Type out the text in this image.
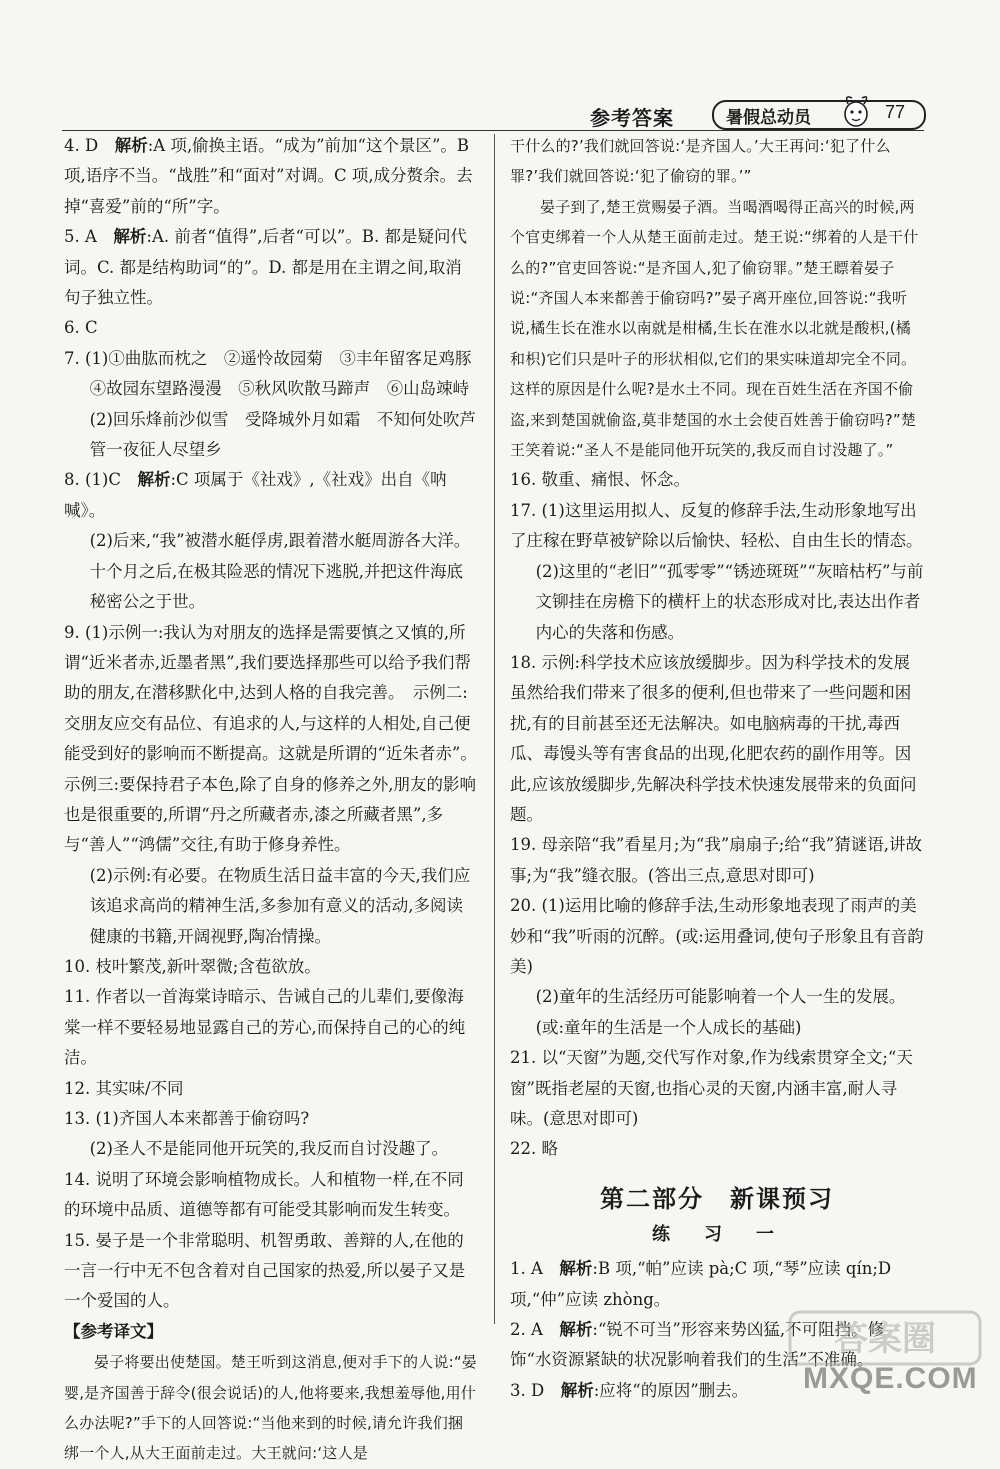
参考答案	暑假总动员	77

4. D　解析:A 项,偷换主语。“成为”前加“这个景区”。B 项,语序不当。“战胜”和“面对”对调。C 项,成分赘余。去掉“喜爱”前的“所”字。

5. A　解析:A. 前者“值得”,后者“可以”。B. 都是疑问代词。C. 都是结构助词“的”。D. 都是用在主谓之间,取消句子独立性。

6. C

7. (1)①曲肱而枕之　②遥怜故园菊　③丰年留客足鸡豚

④故园东望路漫漫　⑤秋风吹散马蹄声　⑥山岛竦峙

(2)回乐烽前沙似雪　受降城外月如霜　不知何处吹芦管一夜征人尽望乡

8. (1)C　解析:C 项属于《社戏》,《社戏》出自《呐喊》。

(2)后来,“我”被潜水艇俘虏,跟着潜水艇周游各大洋。十个月之后,在极其险恶的情况下逃脱,并把这件海底秘密公之于世。

9. (1)示例一:我认为对朋友的选择是需要慎之又慎的,所谓“近米者赤,近墨者黑”,我们要选择那些可以给予我们帮助的朋友,在潜移默化中,达到人格的自我完善。　示例二:交朋友应交有品位、有追求的人,与这样的人相处,自己便能受到好的影响而不断提高。这就是所谓的“近朱者赤”。　示例三:要保持君子本色,除了自身的修养之外,朋友的影响也是很重要的,所谓“丹之所藏者赤,漆之所藏者黑”,多与“善人”“鸿儒”交往,有助于修身养性。

(2)示例:有必要。在物质生活日益丰富的今天,我们应该追求高尚的精神生活,多参加有意义的活动,多阅读健康的书籍,开阔视野,陶冶情操。

10. 枝叶繁茂,新叶翠微;含苞欲放。

11. 作者以一首海棠诗暗示、告诫自己的儿辈们,要像海棠一样不要轻易地显露自己的芳心,而保持自己的心的纯洁。

12. 其实味/不同

13. (1)齐国人本来都善于偷窃吗?

(2)圣人不是能同他开玩笑的,我反而自讨没趣了。

14. 说明了环境会影响植物成长。人和植物一样,在不同的环境中品质、道德等都有可能受其影响而发生转变。

15. 晏子是一个非常聪明、机智勇敢、善辩的人,在他的一言一行中无不包含着对自己国家的热爱,所以晏子又是一个爱国的人。

【参考译文】

晏子将要出使楚国。楚王听到这消息,便对手下的人说:“晏婴,是齐国善于辞令(很会说话)的人,他将要来,我想羞辱他,用什么办法呢?”手下的人回答说:“当他来到的时候,请允许我们捆绑一个人,从大王面前走过。大王就问:‘这人是

干什么的?’我们就回答说:‘是齐国人。’大王再问:‘犯了什么罪?’我们就回答说:‘犯了偷窃的罪。’”

晏子到了,楚王赏赐晏子酒。当喝酒喝得正高兴的时候,两个官吏绑着一个人从楚王面前走过。楚王说:“绑着的人是干什么的?”官吏回答说:“是齐国人,犯了偷窃罪。”楚王瞟着晏子说:“齐国人本来都善于偷窃吗?”晏子离开座位,回答说:“我听说,橘生长在淮水以南就是柑橘,生长在淮水以北就是酸枳,(橘和枳)它们只是叶子的形状相似,它们的果实味道却完全不同。这样的原因是什么呢?是水土不同。现在百姓生活在齐国不偷盗,来到楚国就偷盗,莫非楚国的水土会使百姓善于偷窃吗?”楚王笑着说:“圣人不是能同他开玩笑的,我反而自讨没趣了。”

16. 敬重、痛恨、怀念。

17. (1)这里运用拟人、反复的修辞手法,生动形象地写出了庄稼在野草被铲除以后愉快、轻松、自由生长的情态。

(2)这里的“老旧”“孤零零”“锈迹斑斑”“灰暗枯朽”与前文铆挂在房檐下的横杆上的状态形成对比,表达出作者内心的失落和伤感。

18. 示例:科学技术应该放缓脚步。因为科学技术的发展虽然给我们带来了很多的便利,但也带来了一些问题和困扰,有的目前甚至还无法解决。如电脑病毒的干扰,毒西瓜、毒馒头等有害食品的出现,化肥农药的副作用等。因此,应该放缓脚步,先解决科学技术快速发展带来的负面问题。

19. 母亲陪“我”看星月;为“我”扇扇子;给“我”猜谜语,讲故事;为“我”缝衣服。(答出三点,意思对即可)

20. (1)运用比喻的修辞手法,生动形象地表现了雨声的美妙和“我”听雨的沉醉。(或:运用叠词,使句子形象且有音韵美)

(2)童年的生活经历可能影响着一个人一生的发展。(或:童年的生活是一个人成长的基础)

21. 以“天窗”为题,交代写作对象,作为线索贯穿全文;“天窗”既指老屋的天窗,也指心灵的天窗,内涵丰富,耐人寻味。(意思对即可)

22. 略

第二部分　新课预习
练　习　一

1. A　解析:B 项,“帕”应读 pà;C 项,“琴”应读 qín;D 项,“仲”应读 zhòng。

2. A　解析:“锐不可当”形容来势凶猛,不可阻挡。修饰“水资源紧缺的状况影响着我们的生活”不准确。

3. D　解析:应将“的原因”删去。

答案圈
MXQE.COM
